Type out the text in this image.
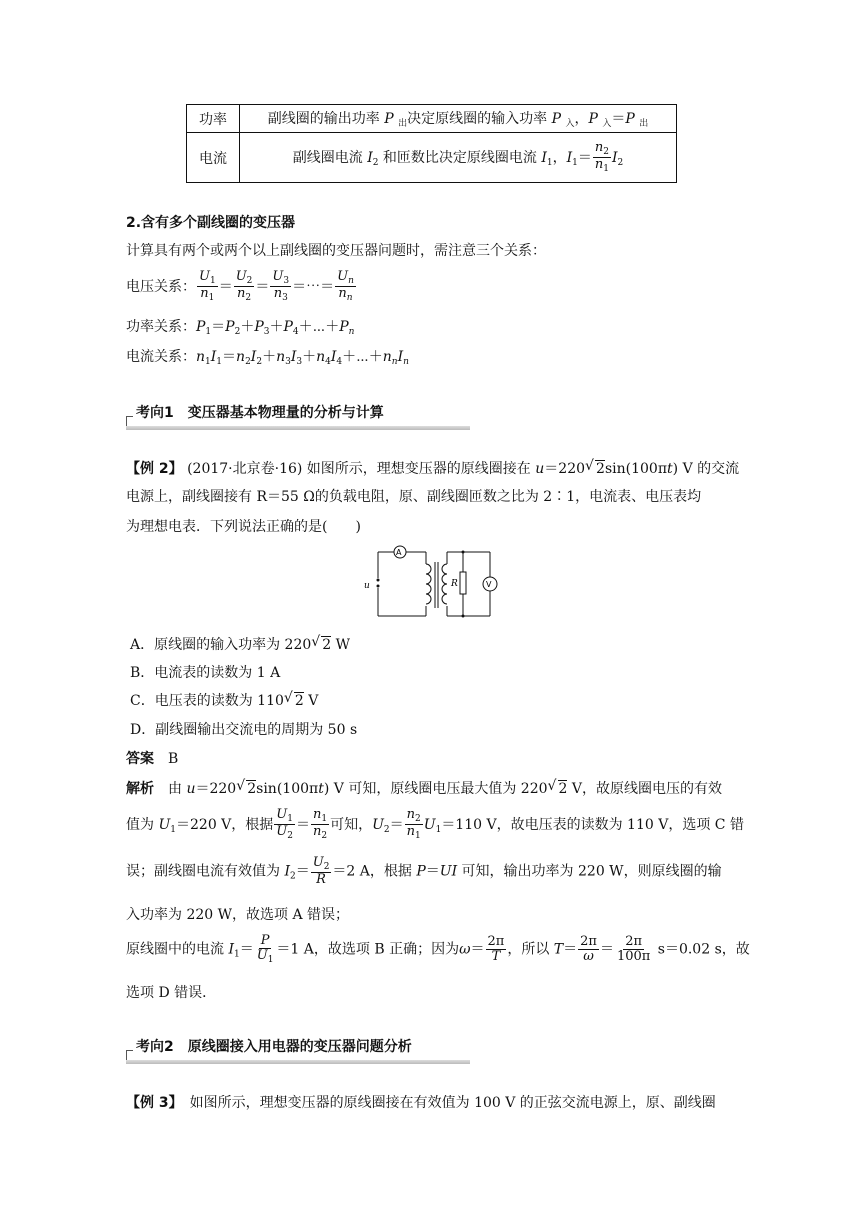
功率	副线圈的输出功率 P $_出$决定原线圈的输入功率 P $_入$，P $_入$＝P $_出$
电流	副线圈电流 $I_2$ 和匝数比决定原线圈电流 $I_1$，$I_1= \frac{n_2}{n_1} I_2$
2.含有多个副线圈的变压器
计算具有两个或两个以上副线圈的变压器问题时，需注意三个关系：
电压关系： $\frac{U_1}{n_1} = \frac{U_2}{n_2} = \frac{U_3}{n_3}$ ＝⋯＝ $\frac{U_n}{n_n}$
功率关系：$P_1=P_2+P_3+P_4+\cdots+P_n$
电流关系：$n_1I_1=n_2I_2+n_3I_3+n_4I_4+\cdots+n_nI_n$
考向1　变压器基本物理量的分析与计算
【例 2】 (2017·北京卷·16) 如图所示，理想变压器的原线圈接在 u＝220 √ 2sin(100πt) V 的交流
电源上，副线圈接有 R＝55 Ω的负载电阻，原、副线圈匝数之比为 2∶1，电流表、电压表均
为理想电表．下列说法正确的是(　　)
u
A
R	V
A．原线圈的输入功率为 220 √ 2 W
B．电流表的读数为 1 A
C．电压表的读数为 110 √ 2 V
D．副线圈输出交流电的周期为 50 s
答案　 B
解析　由 u＝220 √ 2sin(100πt) V 可知，原线圈电压最大值为 220 √ 2 V，故原线圈电压的有效
值为 $U_1=220$ V，根据 $\frac{U_1}{U_2} = \frac{n_1}{n_2}$ 可知，$U_2= \frac{n_2}{n_1} U_1=110$ V，故电压表的读数为 110 V，选项 C 错
误；副线圈电流有效值为 $I_2= \frac{U_2}{R} =2$ A，根据 P＝UI 可知，输出功率为 220 W，则原线圈的输
入功率为 220 W，故选项 A 错误；
原线圈中的电流 $I_1= \frac{P}{U_1} =1$ A，故选项 B 正确；因为$\omega= \frac{2\pi}{T}$ ，所以 $T= \frac{2\pi}{\omega} = \frac{2\pi}{100\pi} s=0.02$ s，故
选项 D 错误．
考向2　原线圈接入用电器的变压器问题分析
【例 3】　 如图所示，理想变压器的原线圈接在有效值为 100 V 的正弦交流电源上，原、副线圈
